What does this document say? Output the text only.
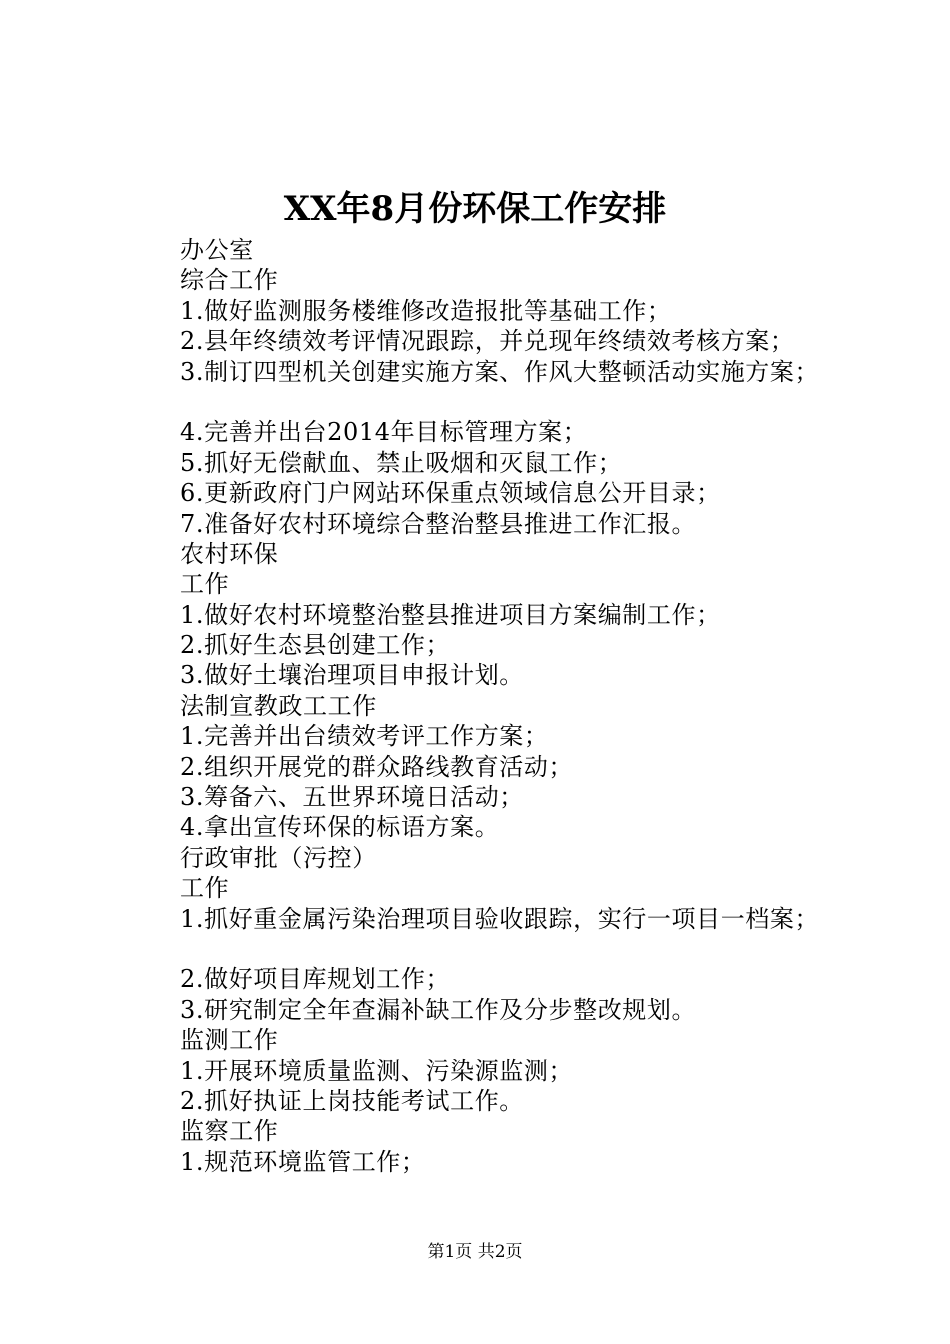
XX年8月份环保工作安排
办公室
综合工作
1.做好监测服务楼维修改造报批等基础工作；
2.县年终绩效考评情况跟踪，并兑现年终绩效考核方案；
3.制订四型机关创建实施方案、作风大整顿活动实施方案；
4.完善并出台2014年目标管理方案；
5.抓好无偿献血、禁止吸烟和灭鼠工作；
6.更新政府门户网站环保重点领域信息公开目录；
7.准备好农村环境综合整治整县推进工作汇报。
农村环保
工作
1.做好农村环境整治整县推进项目方案编制工作；
2.抓好生态县创建工作；
3.做好土壤治理项目申报计划。
法制宣教政工工作
1.完善并出台绩效考评工作方案；
2.组织开展党的群众路线教育活动；
3.筹备六、五世界环境日活动；
4.拿出宣传环保的标语方案。
行政审批（污控）
工作
1.抓好重金属污染治理项目验收跟踪，实行一项目一档案；
2.做好项目库规划工作；
3.研究制定全年查漏补缺工作及分步整改规划。
监测工作
1.开展环境质量监测、污染源监测；
2.抓好执证上岗技能考试工作。
监察工作
1.规范环境监管工作；
第1页 共2页
